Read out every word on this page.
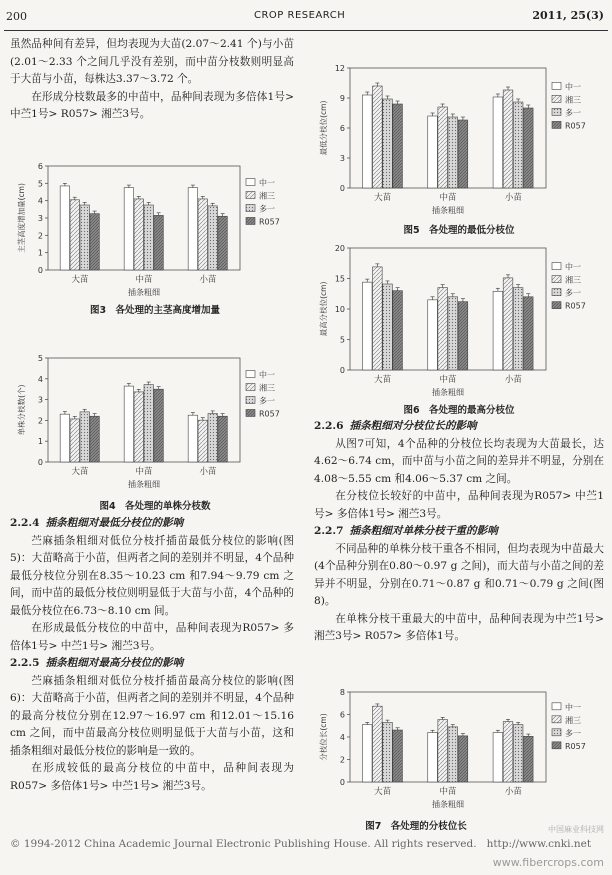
200	CROP RESEARCH	2011, 25(3)

虽然品种间有差异，但均表现为大苗(2.07～2.41 个)与小苗(2.01～2.33 个之间几乎没有差别，而中苗分枝数则明显高于大苗与小苗，每株达3.37～3.72 个。

在形成分枝数最多的中苗中，品种间表现为多倍体1号> 中苎1号> R057> 湘苎3号。

0
1
2
3
4
5
6
主茎高度增加量(cm)
大苗	中苗	小苗
插条粗细
中一
湘三
多一
R057
图3　各处理的主茎高度增加量
0
1
2
3
4
5
单株分枝数(个)
大苗	中苗	小苗
插条粗细
中一
湘三
多一
R057
图4　各处理的单株分枝数

2.2.4 插条粗细对最低分枝位的影响

苎麻插条粗细对低位分枝扦插苗最低分枝位的影响(图5)：大苗略高于小苗，但两者之间的差别并不明显，4个品种最低分枝位分别在8.35～10.23 cm 和7.94～9.79 cm 之间，而中苗的最低分枝位则明显低于大苗与小苗，4个品种的最低分枝位在6.73～8.10 cm 间。

在形成最低分枝位的中苗中，品种间表现为R057> 多倍体1号> 中苎1号> 湘苎3号。

2.2.5 插条粗细对最高分枝位的影响

苎麻插条粗细对低位分枝扦插苗最高分枝位的影响(图6)：大苗略高于小苗，但两者之间的差别并不明显，4个品种的最高分枝位分别在12.97～16.97 cm 和12.01～15.16 cm 之间，而中苗最高分枝位则明显低于大苗与小苗，这和插条粗细对最低分枝位的影响是一致的。

在形成较低的最高分枝位的中苗中，品种间表现为R057> 多倍体1号> 中苎1号> 湘苎3号。

0
3
6
9
12
最低分枝位(cm)
大苗	中苗	小苗
插条粗细
中一
湘三
多一
R057
图5　各处理的最低分枝位
0
5
10
15
20
最高分枝位(cm)
大苗	中苗	小苗
插条粗细
中一
湘三
多一
R057
图6　各处理的最高分枝位

2.2.6 插条粗细对分枝位长的影响

从图7可知，4个品种的分枝位长均表现为大苗最长，达4.62～6.74 cm，而中苗与小苗之间的差异并不明显，分别在4.08～5.55 cm 和4.06～5.37 cm 之间。

在分枝位长较好的中苗中，品种间表现为R057> 中苎1号> 多倍体1号> 湘苎3号。

2.2.7 插条粗细对单株分枝干重的影响

不同品种的单株分枝干重各不相同，但均表现为中苗最大(4个品种分别在0.80～0.97 g 之间)，而大苗与小苗之间的差异并不明显，分别在0.71～0.87 g 和0.71～0.79 g 之间(图8)。

在单株分枝干重最大的中苗中，品种间表现为中苎1号> 湘苎3号> R057> 多倍体1号。

0
2
4
6
8
分枝位长(cm)
大苗	中苗	小苗
插条粗细
中一
湘三
多一
R057
图7　各处理的分枝位长
© 1994-2012 China Academic Journal Electronic Publishing House. All rights reserved. http://www.cnki.net
中国麻业科技网
www.fibercrops.com
